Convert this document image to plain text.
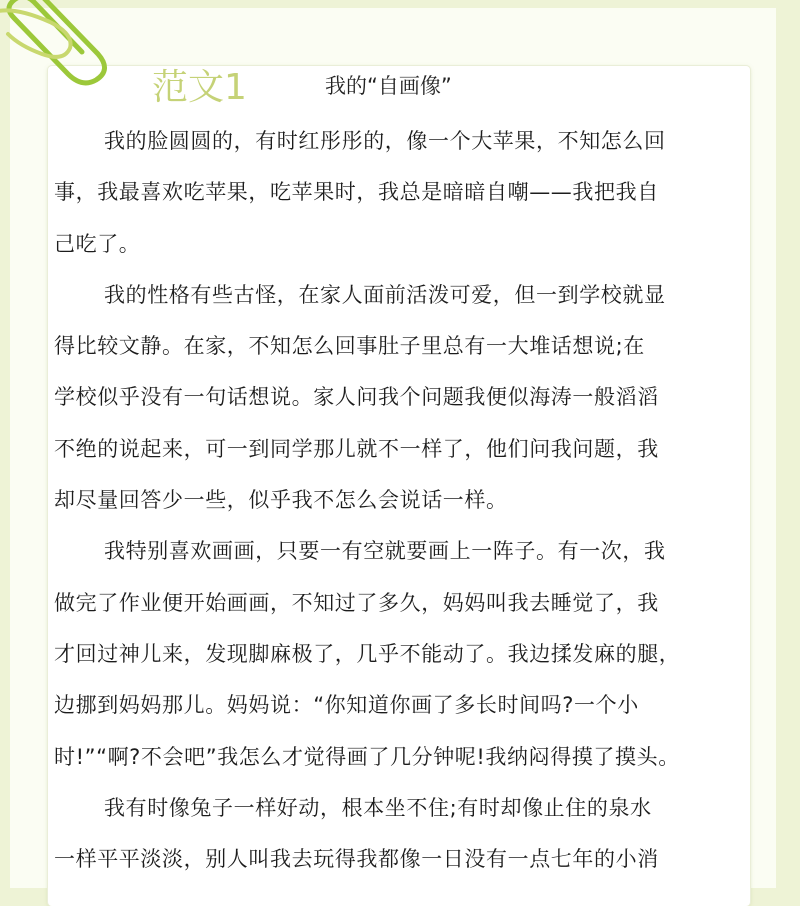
范文1	我的“自画像”
我的脸圆圆的，有时红彤彤的，像一个大苹果，不知怎么回
事，我最喜欢吃苹果，吃苹果时，我总是暗暗自嘲——我把我自
己吃了。
我的性格有些古怪，在家人面前活泼可爱，但一到学校就显
得比较文静。在家，不知怎么回事肚子里总有一大堆话想说;在
学校似乎没有一句话想说。家人问我个问题我便似海涛一般滔滔
不绝的说起来，可一到同学那儿就不一样了，他们问我问题，我
却尽量回答少一些，似乎我不怎么会说话一样。
我特别喜欢画画，只要一有空就要画上一阵子。有一次，我
做完了作业便开始画画，不知过了多久，妈妈叫我去睡觉了，我
才回过神儿来，发现脚麻极了，几乎不能动了。我边揉发麻的腿，
边挪到妈妈那儿。妈妈说：“你知道你画了多长时间吗?一个小
时!”“啊?不会吧”我怎么才觉得画了几分钟呢!我纳闷得摸了摸头。
我有时像兔子一样好动，根本坐不住;有时却像止住的泉水
一样平平淡淡，别人叫我去玩得我都像一日没有一点七年的小消
